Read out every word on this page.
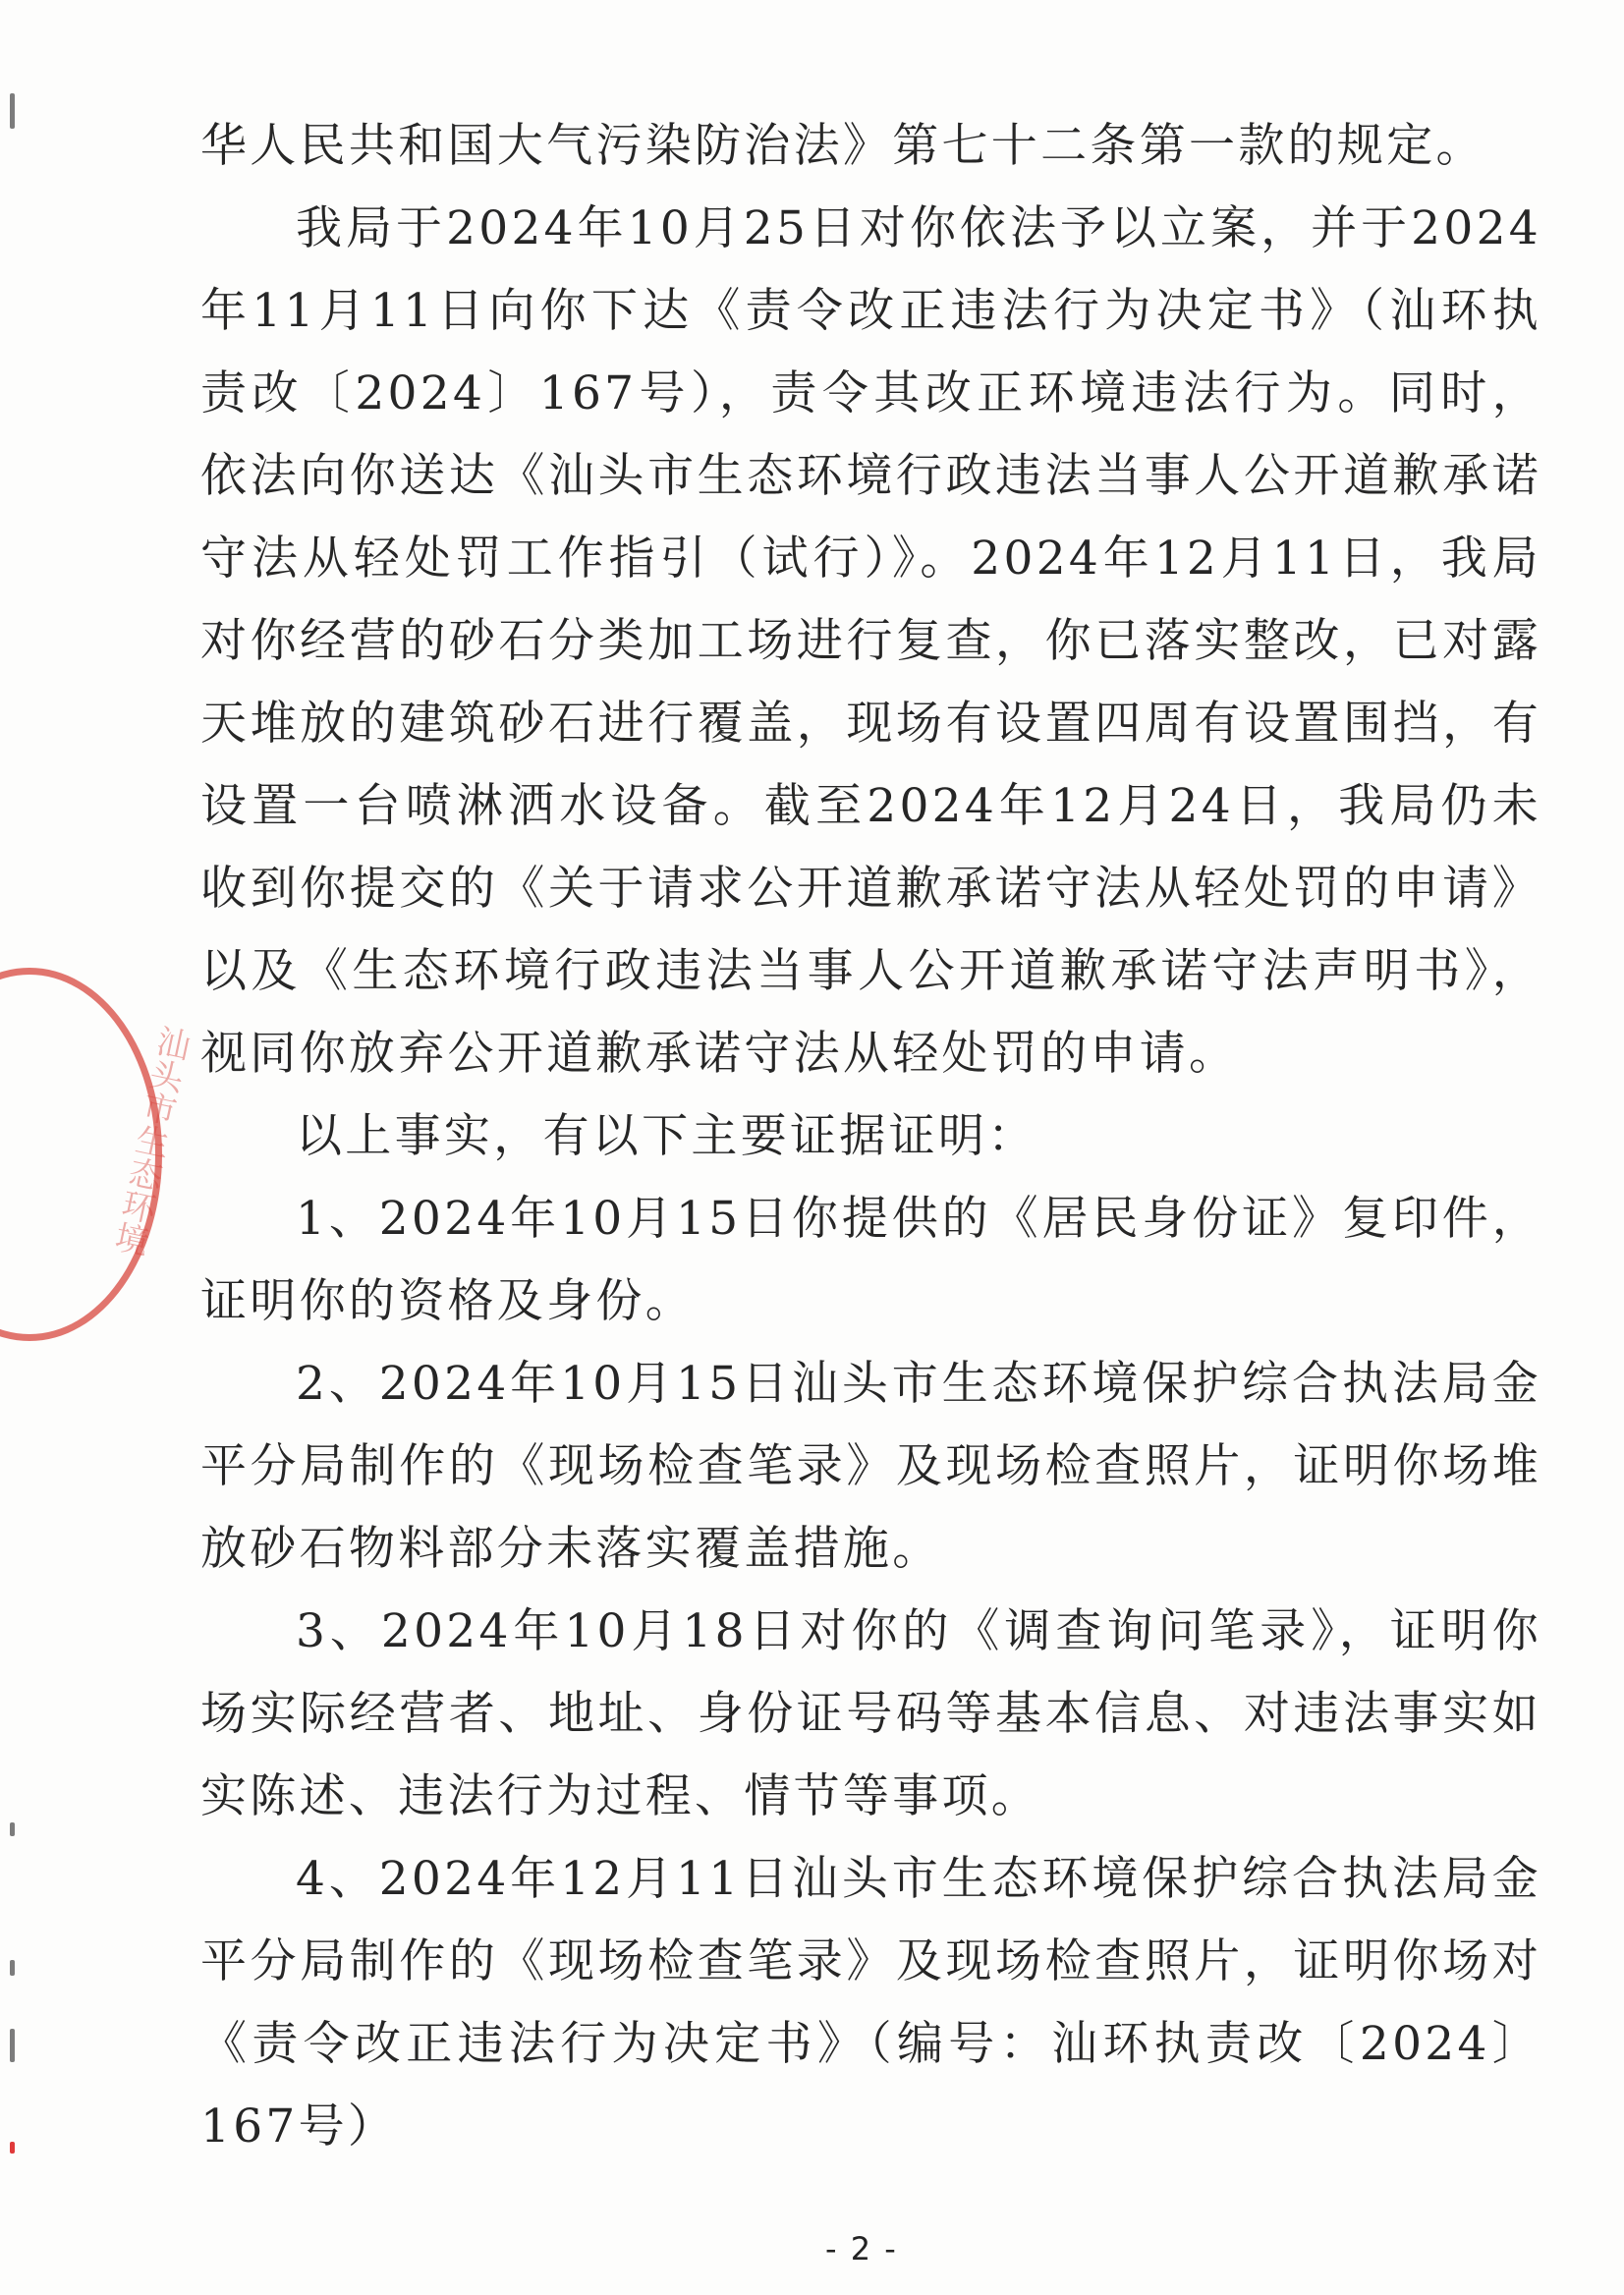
汕头市生态环境

华人民共和国大气污染防治法》第七十二条第一款的规定。

我局于2024年10月25日对你依法予以立案，并于2024年11月11日向你下达《责令改正违法行为决定书》（汕环执责改〔2024〕167号），责令其改正环境违法行为。同时，依法向你送达《汕头市生态环境行政违法当事人公开道歉承诺守法从轻处罚工作指引（试行）》。2024年12月11日，我局对你经营的砂石分类加工场进行复查，你已落实整改，已对露天堆放的建筑砂石进行覆盖，现场有设置四周有设置围挡，有设置一台喷淋洒水设备。截至2024年12月24日，我局仍未收到你提交的《关于请求公开道歉承诺守法从轻处罚的申请》以及《生态环境行政违法当事人公开道歉承诺守法声明书》，视同你放弃公开道歉承诺守法从轻处罚的申请。

以上事实，有以下主要证据证明：

1、2024年10月15日你提供的《居民身份证》复印件，证明你的资格及身份。

2、2024年10月15日汕头市生态环境保护综合执法局金平分局制作的《现场检查笔录》及现场检查照片，证明你场堆放砂石物料部分未落实覆盖措施。

3、2024年10月18日对你的《调查询问笔录》，证明你场实际经营者、地址、身份证号码等基本信息、对违法事实如实陈述、违法行为过程、情节等事项。

4、2024年12月11日汕头市生态环境保护综合执法局金平分局制作的《现场检查笔录》及现场检查照片，证明你场对《责令改正违法行为决定书》（编号：汕环执责改〔2024〕167号）

- 2 -
